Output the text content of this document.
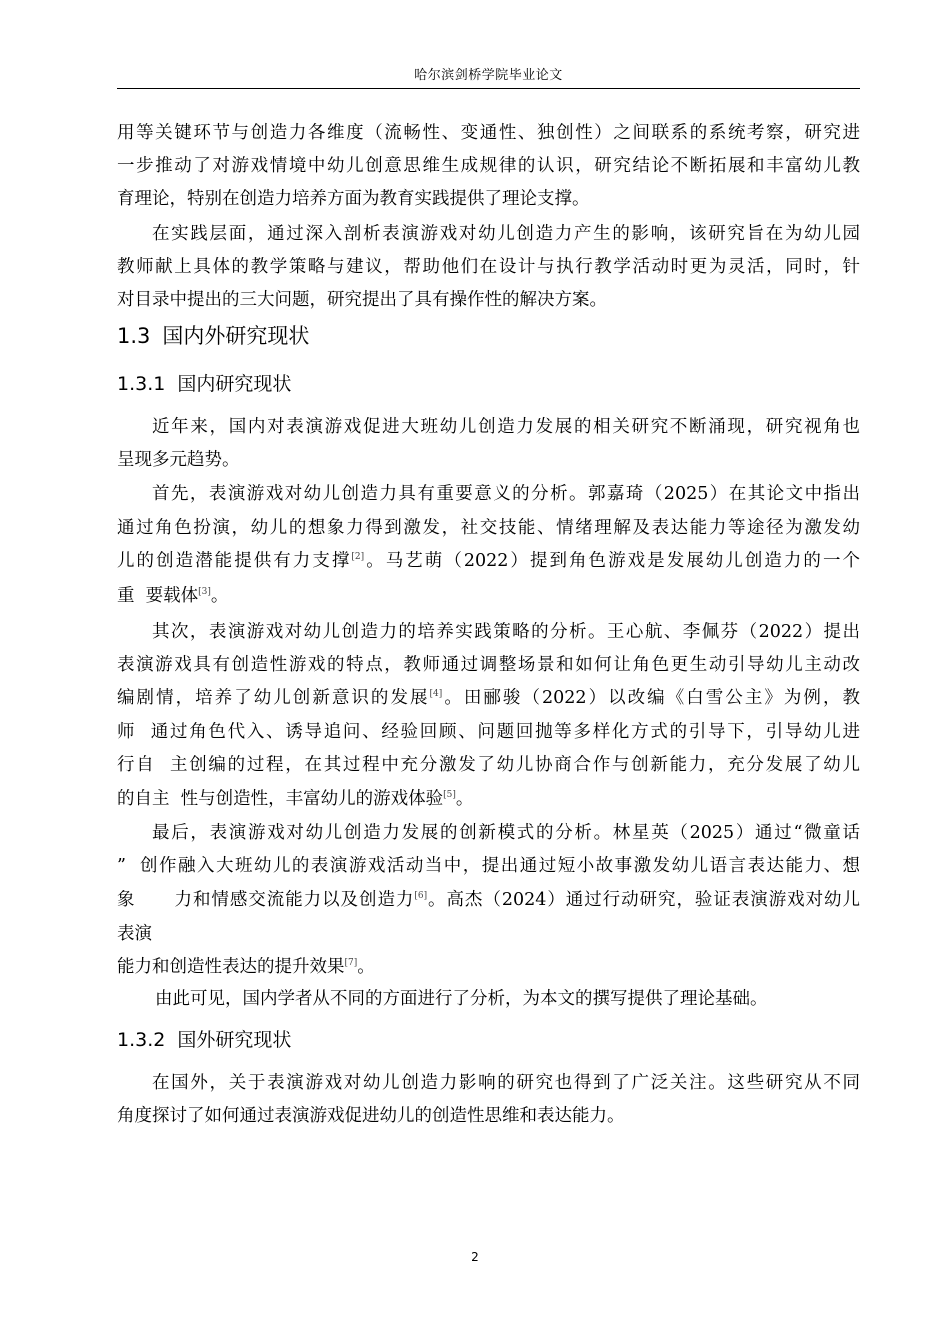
哈尔滨剑桥学院毕业论文
用等关键环节与创造力各维度（流畅性、变通性、独创性）之间联系的系统考察，研究进
一步推动了对游戏情境中幼儿创意思维生成规律的认识，研究结论不断拓展和丰富幼儿教
育理论，特别在创造力培养方面为教育实践提供了理论支撑。
在实践层面，通过深入剖析表演游戏对幼儿创造力产生的影响，该研究旨在为幼儿园
教师献上具体的教学策略与建议，帮助他们在设计与执行教学活动时更为灵活，同时，针
对目录中提出的三大问题，研究提出了具有操作性的解决方案。
1.3 国内外研究现状
1.3.1 国内研究现状
近年来，国内对表演游戏促进大班幼儿创造力发展的相关研究不断涌现，研究视角也
呈现多元趋势。
首先，表演游戏对幼儿创造力具有重要意义的分析。郭嘉琦（2025）在其论文中指出
通过角色扮演，幼儿的想象力得到激发，社交技能、情绪理解及表达能力等途径为激发幼
儿的创造潜能提供有力支撑[2]。马艺萌（2022）提到角色游戏是发展幼儿创造力的一个
重  要载体[3]。
其次，表演游戏对幼儿创造力的培养实践策略的分析。王心航、李佩芬（2022）提出
表演游戏具有创造性游戏的特点，教师通过调整场景和如何让角色更生动引导幼儿主动改
编剧情，培养了幼儿创新意识的发展[4]。田郦骏（2022）以改编《白雪公主》为例，教
师  通过角色代入、诱导追问、经验回顾、问题回抛等多样化方式的引导下，引导幼儿进
行自  主创编的过程，在其过程中充分激发了幼儿协商合作与创新能力，充分发展了幼儿
的自主  性与创造性，丰富幼儿的游戏体验[5]。
最后，表演游戏对幼儿创造力发展的创新模式的分析。林星英（2025）通过“微童话
”  创作融入大班幼儿的表演游戏活动当中，提出通过短小故事激发幼儿语言表达能力、想
象      力和情感交流能力以及创造力[6]。高杰（2024）通过行动研究，验证表演游戏对幼儿
表演
能力和创造性表达的提升效果[7]。
由此可见，国内学者从不同的方面进行了分析，为本文的撰写提供了理论基础。
1.3.2 国外研究现状
在国外，关于表演游戏对幼儿创造力影响的研究也得到了广泛关注。这些研究从不同
角度探讨了如何通过表演游戏促进幼儿的创造性思维和表达能力。
2
